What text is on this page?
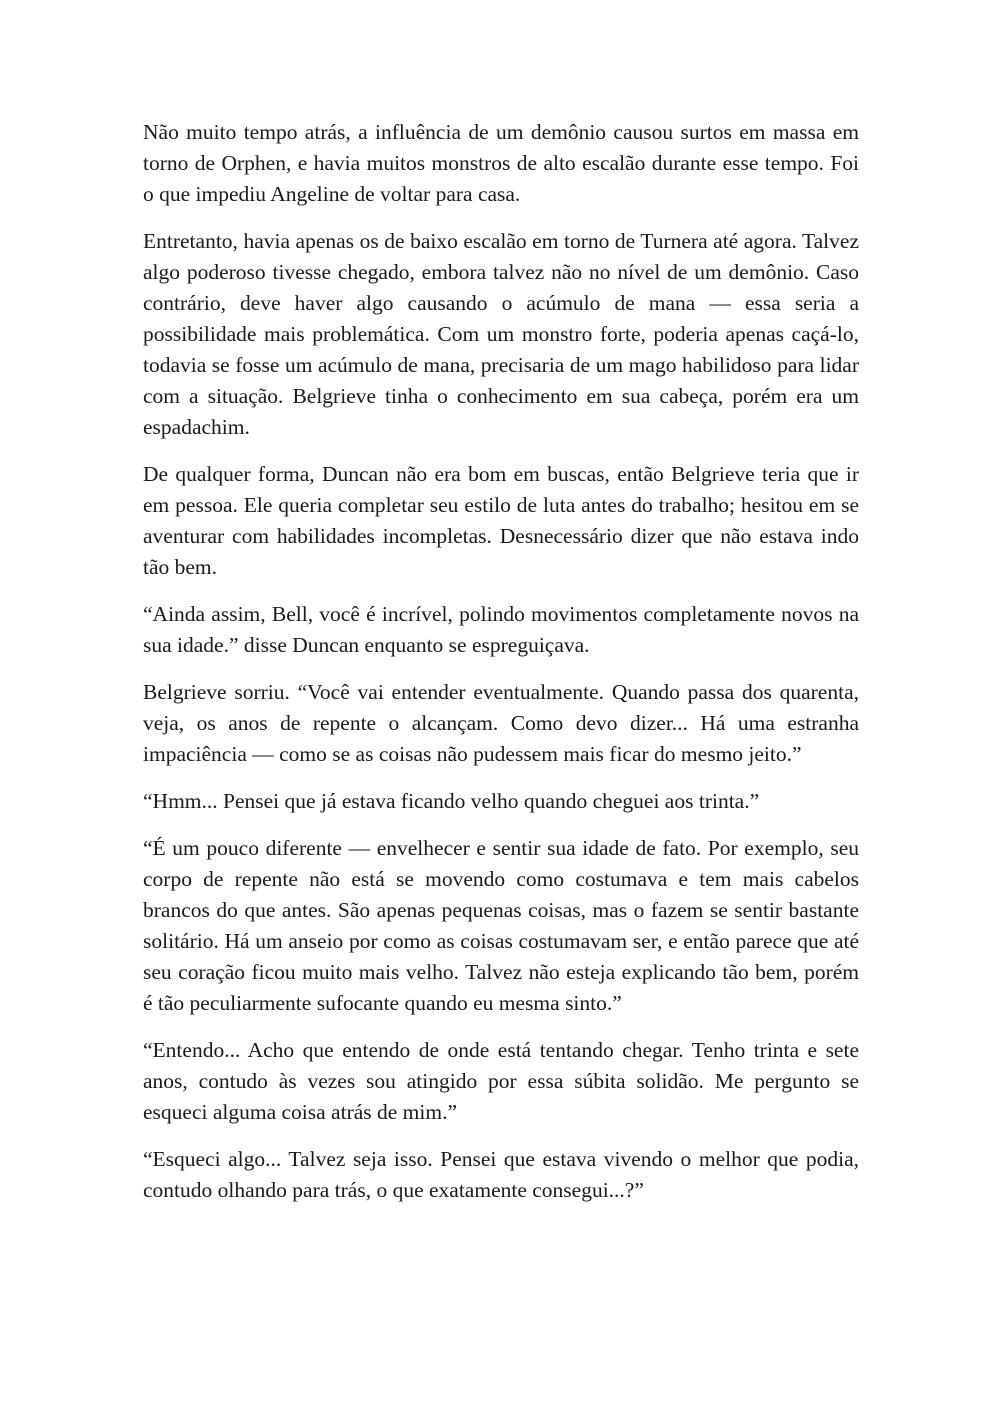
Não muito tempo atrás, a influência de um demônio causou surtos em massa em torno de Orphen, e havia muitos monstros de alto escalão durante esse tempo. Foi o que impediu Angeline de voltar para casa.

Entretanto, havia apenas os de baixo escalão em torno de Turnera até agora. Talvez algo poderoso tivesse chegado, embora talvez não no nível de um demônio. Caso contrário, deve haver algo causando o acúmulo de mana — essa seria a possibilidade mais problemática. Com um monstro forte, poderia apenas caçá-lo, todavia se fosse um acúmulo de mana, precisaria de um mago habilidoso para lidar com a situação. Belgrieve tinha o conhecimento em sua cabeça, porém era um espadachim.

De qualquer forma, Duncan não era bom em buscas, então Belgrieve teria que ir em pessoa. Ele queria completar seu estilo de luta antes do trabalho; hesitou em se aventurar com habilidades incompletas. Desnecessário dizer que não estava indo tão bem.

“Ainda assim, Bell, você é incrível, polindo movimentos completamente novos na sua idade.” disse Duncan enquanto se espreguiçava.

Belgrieve sorriu. “Você vai entender eventualmente. Quando passa dos quarenta, veja, os anos de repente o alcançam. Como devo dizer... Há uma estranha impaciência — como se as coisas não pudessem mais ficar do mesmo jeito.”

“Hmm... Pensei que já estava ficando velho quando cheguei aos trinta.”

“É um pouco diferente — envelhecer e sentir sua idade de fato. Por exemplo, seu corpo de repente não está se movendo como costumava e tem mais cabelos brancos do que antes. São apenas pequenas coisas, mas o fazem se sentir bastante solitário. Há um anseio por como as coisas costumavam ser, e então parece que até seu coração ficou muito mais velho. Talvez não esteja explicando tão bem, porém é tão peculiarmente sufocante quando eu mesma sinto.”

“Entendo... Acho que entendo de onde está tentando chegar. Tenho trinta e sete anos, contudo às vezes sou atingido por essa súbita solidão. Me pergunto se esqueci alguma coisa atrás de mim.”

“Esqueci algo... Talvez seja isso. Pensei que estava vivendo o melhor que podia, contudo olhando para trás, o que exatamente consegui...?”
